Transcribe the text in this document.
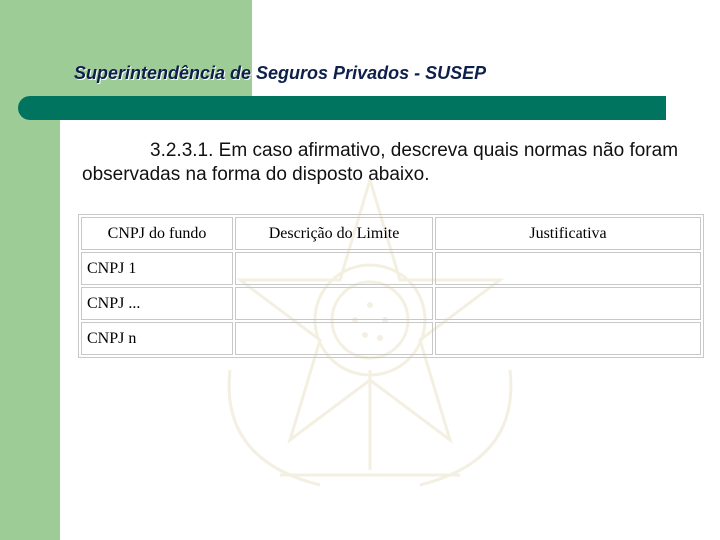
Superintendência de Seguros Privados - SUSEP

3.2.3.1. Em caso afirmativo, descreva quais normas não foram observadas na forma do disposto abaixo.

CNPJ do fundo	Descrição do Limite	Justificativa
CNPJ 1		
CNPJ ...		
CNPJ n		
